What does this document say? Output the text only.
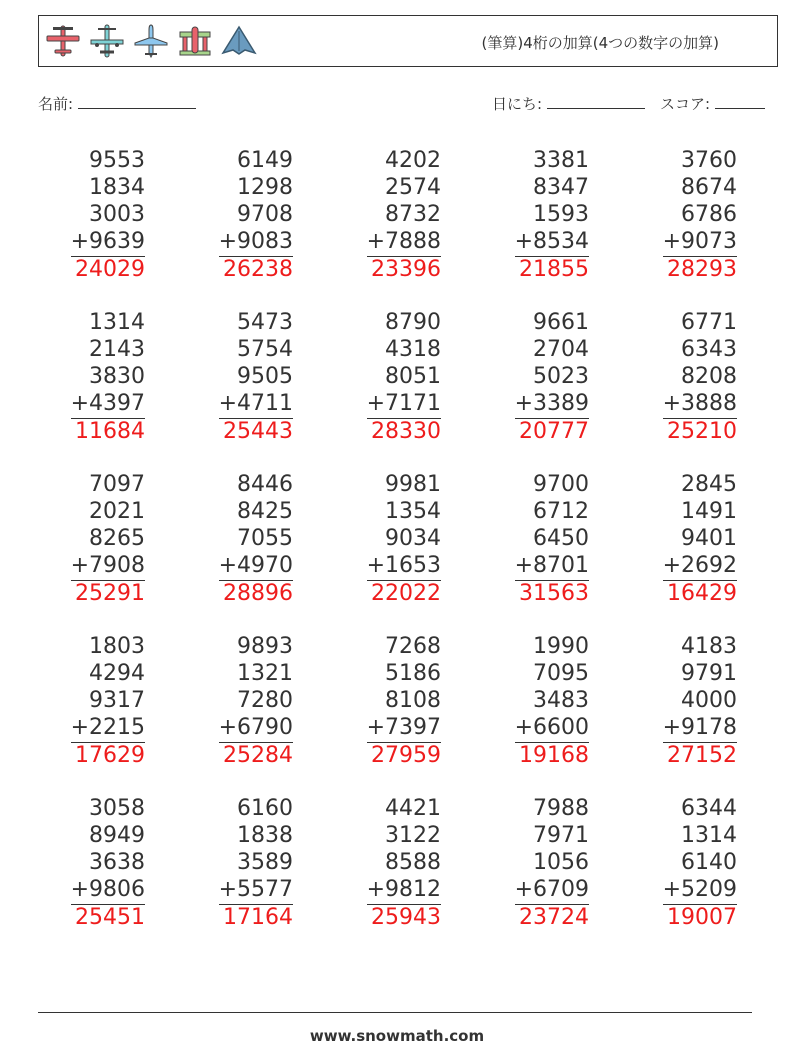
(筆算)4桁の加算(4つの数字の加算)
名前:	日にち:	スコア:
9553
1834
3003
+9639
24029
6149
1298
9708
+9083
26238
4202
2574
8732
+7888
23396
3381
8347
1593
+8534
21855
3760
8674
6786
+9073
28293
1314
2143
3830
+4397
11684
5473
5754
9505
+4711
25443
8790
4318
8051
+7171
28330
9661
2704
5023
+3389
20777
6771
6343
8208
+3888
25210
7097
2021
8265
+7908
25291
8446
8425
7055
+4970
28896
9981
1354
9034
+1653
22022
9700
6712
6450
+8701
31563
2845
1491
9401
+2692
16429
1803
4294
9317
+2215
17629
9893
1321
7280
+6790
25284
7268
5186
8108
+7397
27959
1990
7095
3483
+6600
19168
4183
9791
4000
+9178
27152
3058
8949
3638
+9806
25451
6160
1838
3589
+5577
17164
4421
3122
8588
+9812
25943
7988
7971
1056
+6709
23724
6344
1314
6140
+5209
19007
www.snowmath.com
